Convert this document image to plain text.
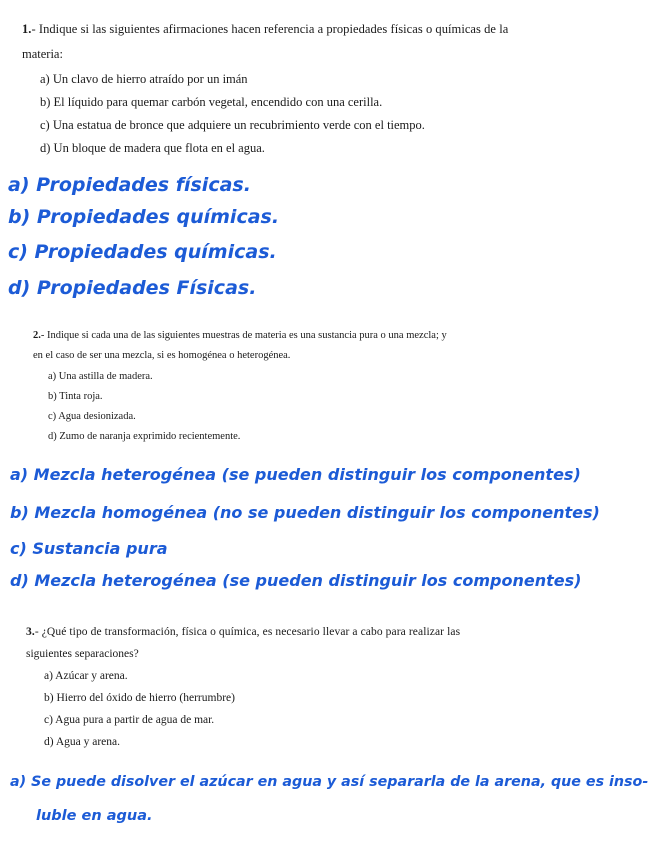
1.- Indique si las siguientes afirmaciones hacen referencia a propiedades físicas o químicas de la
materia:
a) Un clavo de hierro atraído por un imán
b) El líquido para quemar carbón vegetal, encendido con una cerilla.
c) Una estatua de bronce que adquiere un recubrimiento verde con el tiempo.
d) Un bloque de madera que flota en el agua.
a) Propiedades físicas.
b) Propiedades químicas.
c) Propiedades químicas.
d) Propiedades Físicas.
2.- Indique si cada una de las siguientes muestras de materia es una sustancia pura o una mezcla; y
en el caso de ser una mezcla, si es homogénea o heterogénea.
a) Una astilla de madera.
b) Tinta roja.
c) Agua desionizada.
d) Zumo de naranja exprimido recientemente.
a) Mezcla heterogénea (se pueden distinguir los componentes)
b) Mezcla homogénea (no se pueden distinguir los componentes)
c) Sustancia pura
d) Mezcla heterogénea (se pueden distinguir los componentes)
3.- ¿Qué tipo de transformación, física o química, es necesario llevar a cabo para realizar las
siguientes separaciones?
a) Azúcar y arena.
b) Hierro del óxido de hierro (herrumbre)
c) Agua pura a partir de agua de mar.
d) Agua y arena.
a) Se puede disolver el azúcar en agua y así separarla de la arena, que es inso-
luble en agua.
